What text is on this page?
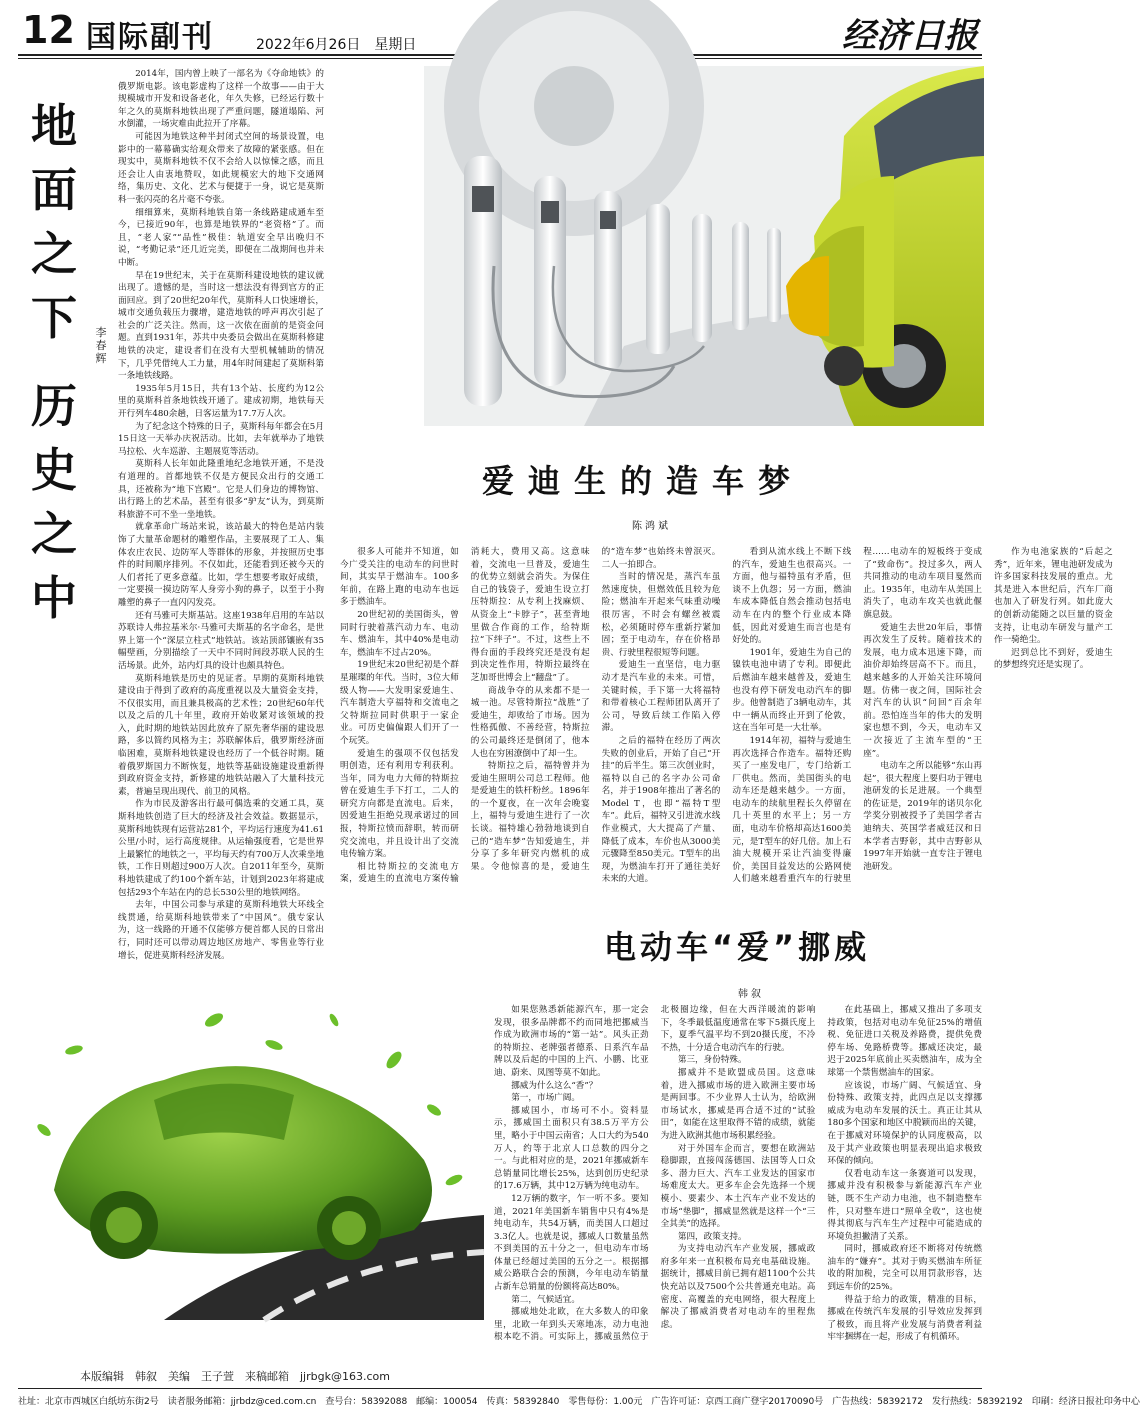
12 国际副刊	2022年6月26日　星期日	经济日报
地
面
之
下
历
史
之
中
李春辉

2014年，国内曾上映了一部名为《夺命地铁》的俄罗斯电影。该电影虚构了这样一个故事——由于大规模城市开发和设备老化，年久失修，已经运行数十年之久的莫斯科地铁出现了严重问题，隧道塌陷、河水倒灌，一场灾难由此拉开了序幕。

可能因为地铁这种半封闭式空间的场景设置，电影中的一幕幕确实给观众带来了故障的紧张感。但在现实中，莫斯科地铁不仅不会给人以惊悚之感，而且还会让人由衷地赞叹，如此规模宏大的地下交通网络，集历史、文化、艺术与便捷于一身，说它是莫斯科一张闪亮的名片毫不夸张。

细细算来，莫斯科地铁自第一条线路建成通车至今，已接近90年，也算是地铁界的“老资格”了。而且，“老人家”“品性”极佳：轨道安全早出晚归不说，“考勤记录”还几近完美，即便在二战期间也并未中断。

早在19世纪末，关于在莫斯科建设地铁的建议就出现了。遗憾的是，当时这一想法没有得到官方的正面回应。到了20世纪20年代，莫斯科人口快速增长，城市交通负载压力骤增，建造地铁的呼声再次引起了社会的广泛关注。然而，这一次依在面前的是资金问题。直到1931年，苏共中央委员会做出在莫斯科修建地铁的决定，建设者们在没有大型机械辅助的情况下，几乎凭借纯人工力量，用4年时间建起了莫斯科第一条地铁线路。

1935年5月15日，共有13个站、长度约为12公里的莫斯科首条地铁线开通了。建成初期，地铁每天开行列车480余趟，日客运量为17.7万人次。

为了纪念这个特殊的日子，莫斯科每年都会在5月15日这一天举办庆祝活动。比如，去年就举办了地铁马拉松、火车巡游、主题展览等活动。

莫斯科人长年如此隆重地纪念地铁开通，不是没有道理的。首都地铁不仅是方便民众出行的交通工具，还被称为“地下宫殿”。它是人们身边的博物馆、出行路上的艺术品，甚至有很多“驴友”认为，到莫斯科旅游不可不坐一坐地铁。

就拿革命广场站来说，该站最大的特色是站内装饰了大量革命题材的雕塑作品，主要展现了工人、集体农庄农民、边防军人等群体的形象，并按照历史事件的时间顺序排列。不仅如此，还能看到还被今天的人们者托了更多意蕴。比如，学生想要考取好成绩，一定要摸一摸边防军人身旁小狗的鼻子，以至于小狗雕塑的鼻子一直闪闪发亮。

还有马雅可夫斯基站。这座1938年启用的车站以苏联诗人弗拉基米尔·马雅可夫斯基的名字命名，是世界上第一个“深层立柱式”地铁站。该站顶部镶嵌有35幅壁画，分别描绘了一天中不同时间段苏联人民的生活场景。此外，站内灯具的设计也颇具特色。

莫斯科地铁是历史的见证者。早期的莫斯科地铁建设由于得到了政府的高度重视以及大量资金支持，不仅很实用，而且兼具极高的艺术性；20世纪60年代以及之后的几十年里，政府开始收紧对该领域的投入，此时期的地铁站因此放弃了原先奢华丽的建设思路，多以简约风格为主；苏联解体后，俄罗斯经济面临困难，莫斯科地铁建设也经历了一个低谷时期。随着俄罗斯国力不断恢复，地铁等基础设施建设重新得到政府资金支持，新修建的地铁站融入了大量科技元素，普遍呈现出现代、前卫的风格。

作为市民及游客出行最可偶选乘的交通工具，莫斯科地铁创造了巨大的经济及社会效益。数据显示，莫斯科地铁现有运营站281个，平均运行速度为41.61公里/小时，运行高度规律。从运输强度看，它是世界上最繁忙的地铁之一，平均每天约有700万人次乘坐地铁，工作日则超过900万人次。自2011年至今，莫斯科地铁建成了约100个新车站，计划到2023年将建成包括293个车站在内的总长530公里的地铁网络。

去年，中国公司参与承建的莫斯科地铁大环线全线贯通，给莫斯科地铁带来了“中国风”。俄专家认为，这一线路的开通不仅能够方便首都人民的日常出行，同时还可以带动周边地区房地产、零售业等行业增长，促进莫斯科经济发展。

爱迪生的造车梦
陈鸿斌

很多人可能并不知道，如今广受关注的电动车的问世时间，其实早于燃油车。100多年前，在路上跑的电动车也远多于燃油车。

20世纪初的美国街头，曾同时行驶着蒸汽动力车、电动车、燃油车，其中40%是电动车，燃油车不过占20%。

19世纪末20世纪初是个群星璀璨的年代。当时，3位大师级人物——大发明家爱迪生、汽车制造大亨福特和交流电之父特斯拉同时供职于一家企业。可历史偏偏跟人们开了一个玩笑。

爱迪生的强项不仅包括发明创造，还有利用专利获利。当年，同为电力大师的特斯拉曾在爱迪生手下打工，二人的研究方向都是直流电。后来，因爱迪生拒绝兑现承诺过的回报，特斯拉愤而辞职，转而研究交流电，并且设计出了交流电传输方案。

相比特斯拉的交流电方案，爱迪生的直流电方案传输消耗大，费用又高。这意味着，交流电一旦普及，爱迪生的优势立刻就会消失。为保住自己的钱袋子，爱迪生设立打压特斯拉：从专利上找麻烦、从资金上“卡脖子”，甚至背地里做合作商的工作，给特斯拉“下绊子”。不过，这些上不得台面的手段终究还是没有起到决定性作用，特斯拉最终在芝加哥世博会上“翻盘”了。

商战争夺的从来都不是一城一池。尽管特斯拉“战胜”了爱迪生，却败给了市场。因为性格孤傲、不善经营，特斯拉的公司最终还是倒闭了，他本人也在穷困潦倒中了却一生。

特斯拉之后，福特曾并为爱迪生照明公司总工程师。他是爱迪生的铁杆粉丝。1896年的一个夏夜，在一次年会晚宴上，福特与爱迪生进行了一次长谈。福特雄心勃勃地谈到自己的“造车梦”告知爱迪生，并分享了多年研究内燃机的成果。令他惊喜的是，爱迪生的“造车梦”也始终未曾泯灭。二人一拍即合。

当时的情况是，蒸汽车虽然速度快，但燃效低且较为危险；燃油车开起来气味重动噪很厉害，不时会有螺丝被震松，必须随时停车重新拧紧加固；至于电动车，存在价格昂贵、行驶里程很短等问题。

爱迪生一直坚信，电力驱动才是汽车业的未来。可惜，关键时候，手下第一大将福特和带着核心工程师团队离开了公司，导致后续工作陷入停滞。

之后的福特在经历了两次失败的创业后，开始了自己“开挂”的后半生。第三次创业时，福特以自己的名字办公司命名，并于1908年推出了著名的Model T，也即“福特T型车”。此后，福特又引进流水线作业模式，大大提高了产量、降低了成本，车价也从3000美元骤降至850美元。T型车的出现，为燃油车打开了通往美好未来的大道。

看到从流水线上不断下线的汽车，爱迪生也很高兴。一方面，他与福特虽有矛盾，但谈不上仇怨；另一方面，燃油车成本降低自然会推动包括电动车在内的整个行业成本降低，因此对爱迪生而言也是有好处的。

1901年，爱迪生为自己的镍铁电池申请了专利。即便此后燃油车越来越普及，爱迪生也没有停下研发电动汽车的脚步。他曾制造了3辆电动车，其中一辆从而终止开到了伦敦，这在当年可是一大壮举。

1914年初，福特与爱迪生再次选择合作造车。福特还购买了一座发电厂，专门给新工厂供电。然而，美国街头的电动车还是越来越少。一方面，电动车的续航里程长久停留在几十英里的水平上；另一方面，电动车价格却高达1600美元，是T型车的好几倍。加上石油大规模开采让汽油变得廉价，美国目益发达的公路网使人们越来越看重汽车的行驶里程……电动车的短板终于变成了“致命伤”。投过多久，两人共同推动的电动车项目戛然而止。1935年，电动车从美国上消失了，电动车攻关也就此偃旗息鼓。

爱迪生去世20年后，事情再次发生了反转。随着技术的发展，电力成本迅速下降，而油价却始终居高不下。而且，越来越多的人开始关注环境问题。仿佛一夜之间，国际社会对汽车的认识“问回”百余年前。恐怕连当年的伟大的发明家也想不到，今天，电动车又一次接近了主流车型的“王座”。

电动车之所以能够“东山再起”，很大程度上要归功于锂电池研发的长足进展。一个典型的佐证是，2019年的诺贝尔化学奖分别被授予了美国学者古迪纳夫、英国学者威廷汉和日本学者吉野彰，其中吉野彰从1997年开始就一直专注于锂电池研发。

作为电池家族的“后起之秀”，近年来，锂电池研发成为许多国家科技发展的重点。尤其是进入本世纪后，汽车厂商也加入了研发行列。如此庞大的创新动能随之以巨量的资金支持，让电动车研发与量产工作一骑绝尘。

迟到总比不到好，爱迪生的梦想终究还是实现了。

电动车“爱”挪威
韩叙

如果您熟悉新能源汽车，那一定会发现，很多品牌都不约而同地把挪威当作成为欧洲市场的“第一站”。风头正劲的特斯拉、老牌强者德系、日系汽车品牌以及后起的中国的上汽、小鹏、比亚迪、蔚来、凤图等莫不如此。

挪威为什么这么“香”？

第一，市场广阔。

挪威国小，市场可不小。资料显示，挪威国土面积只有38.5万平方公里，略小于中国云南省；人口大约为540万人，约等于北京人口总数的四分之一。与此相对应的是，2021年挪威新车总销量同比增长25%，达到创历史纪录的17.6万辆，其中12万辆为纯电动车。

12万辆的数字，乍一听不多。要知道，2021年美国新车销售中只有4%是纯电动车，共54万辆，而美国人口超过3.3亿人。也就是说，挪威人口数量虽然不到美国的五十分之一，但电动车市场体量已经超过美国的五分之一。根据挪威公路联合会的预测，今年电动车销量占新车总销量的份额将高达80%。

第二，气候适宜。

挪威地处北欧，在大多数人的印象里，北欧一年到头天寒地冻，动力电池根本吃不消。可实际上，挪威虽然位于北极圈边缘，但在大西洋暖流的影响下，冬季最低温度通常在零下5摄氏度上下，夏季气温平均不到20摄氏度，不冷不热，十分适合电动汽车的行驶。

第三，身份特殊。

挪威并不是欧盟成员国。这意味着，进入挪威市场的进入欧洲主要市场是两回事。不少业界人士认为，给欧洲市场试水，挪威是再合适不过的“试验田”，如能在这里取得不错的成绩，就能为进入欧洲其他市场积累经验。

对于外国车企而言，要想在欧洲站稳脚跟，直接闯荡德国、法国等人口众多、潜力巨大、汽车工业发达的国家市场难度太大。更多车企会先选择一个规模小、要素少、本土汽车产业不发达的市场“垫脚”，挪威显然就是这样一个“三全其美”的选择。

第四，政策支持。

为支持电动汽车产业发展，挪威政府多年来一直积极布局充电基础设施。据统计，挪威目前已拥有超1100个公共快充站以及7500个公共普通充电站。高密度、高覆盖的充电网络，很大程度上解决了挪威消费者对电动车的里程焦虑。

在此基础上，挪威又推出了多项支持政策，包括对电动车免征25%的增值税、免征进口关税及养路费，提供免费停车场、免路桥费等。挪威还决定，最迟于2025年底前止买卖燃油车，成为全球第一个禁售燃油车的国家。

应该说，市场广阔、气候适宜、身份特殊、政策支持，此四点足以支撑挪威成为电动车发展的沃土。真正让其从180多个国家和地区中脱颖而出的关键，在于挪威对环境保护的认同度极高，以及于其产业政策也明显表现出追求极致环保的倾向。

仅看电动车这一条赛道可以发现，挪威并没有积极参与新能源汽车产业链，既不生产动力电池，也不制造整车件，只对整车进口“照单全收”，这也使得其彻底与汽车生产过程中可能造成的环境负担撇清了关系。

同时，挪威政府还不断将对传统燃油车的“嫌弃”。其对于购买燃油车所征收的附加税，完全可以用罚款形容，达到远车价的25%。

得益于给力的政策，精准的目标，挪威在传统汽车发展的引导效应发挥到了极致，而且将产业发展与消费者利益牢牢捆绑在一起，形成了有机循环。

本版编辑　韩叙　美编　王子萱　来稿邮箱　jjrbgk@163.com
社址：北京市西城区白纸坊东街2号　读者服务邮箱：jjrbdz@ced.com.cn　查号台：58392088　邮编：100054　传真：58392840　零售每份：1.00元　广告许可证：京西工商广登字20170090号　广告热线：58392172　发行热线：58392192　印刷：经济日报社印务中心
